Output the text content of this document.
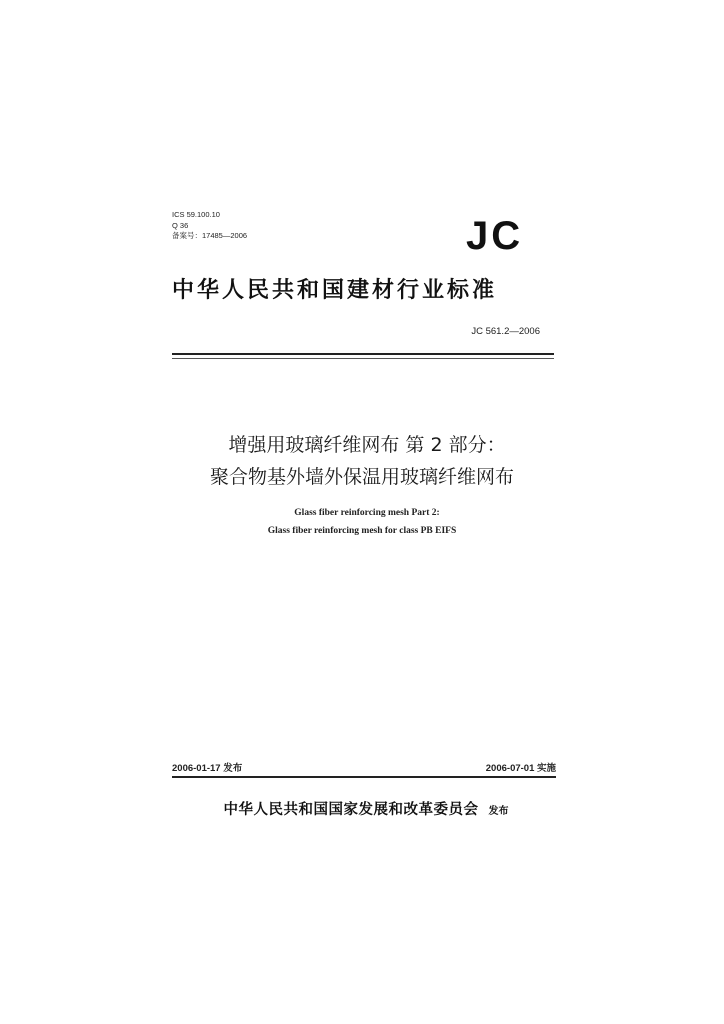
ICS 59.100.10
Q 36
备案号：17485—2006	JC
中华人民共和国建材行业标准
JC 561.2—2006
增强用玻璃纤维网布 第 2 部分：
聚合物基外墙外保温用玻璃纤维网布
Glass fiber reinforcing mesh Part 2:
Glass fiber reinforcing mesh for class PB EIFS
2006-01-17 发布	2006-07-01 实施
中华人民共和国国家发展和改革委员会 发布
